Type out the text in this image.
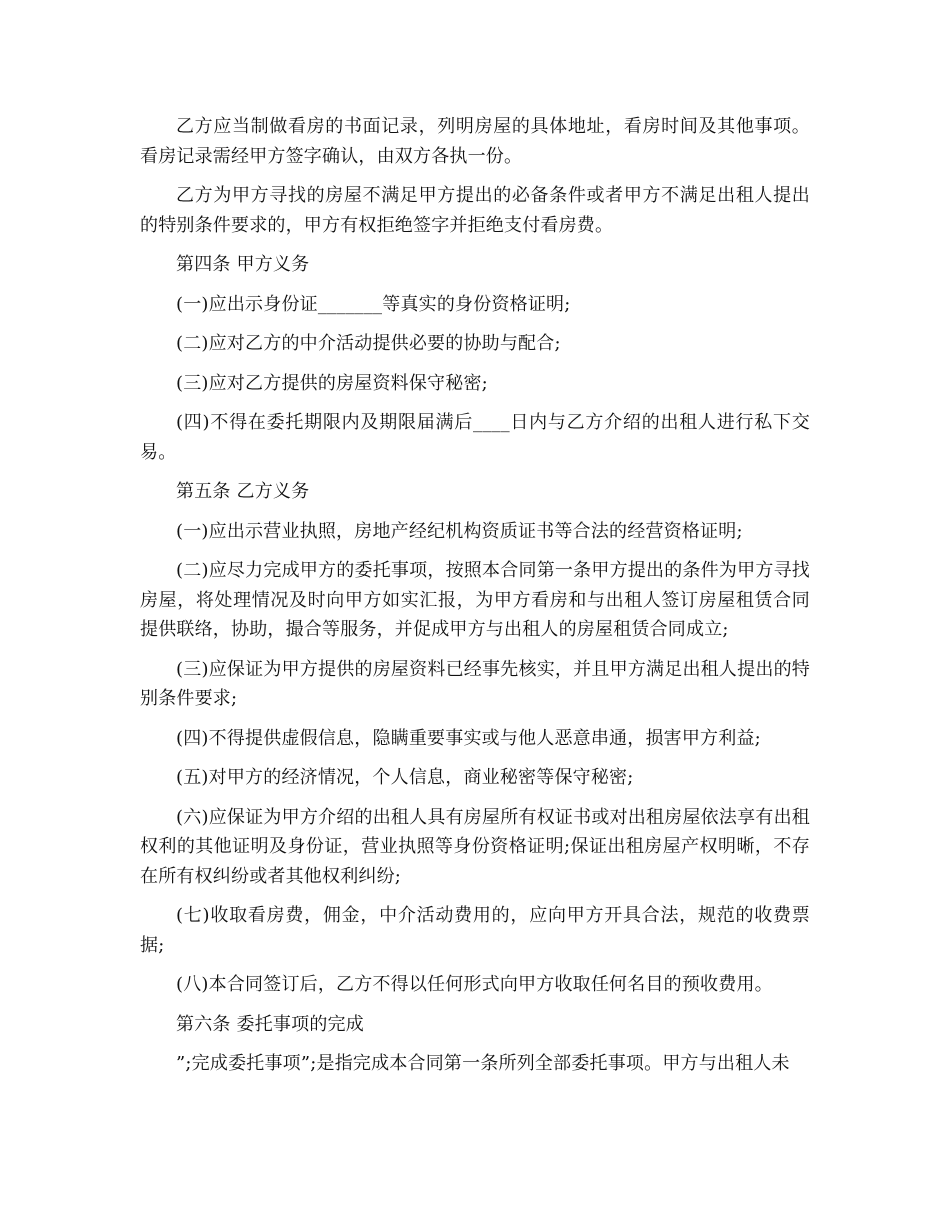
乙方应当制做看房的书面记录，列明房屋的具体地址，看房时间及其他事项。看房记录需经甲方签字确认，由双方各执一份。

乙方为甲方寻找的房屋不满足甲方提出的必备条件或者甲方不满足出租人提出的特别条件要求的，甲方有权拒绝签字并拒绝支付看房费。

第四条 甲方义务

(一)应出示身份证_______等真实的身份资格证明;

(二)应对乙方的中介活动提供必要的协助与配合;

(三)应对乙方提供的房屋资料保守秘密;

(四)不得在委托期限内及期限届满后____日内与乙方介绍的出租人进行私下交易。

第五条 乙方义务

(一)应出示营业执照，房地产经纪机构资质证书等合法的经营资格证明;

(二)应尽力完成甲方的委托事项，按照本合同第一条甲方提出的条件为甲方寻找房屋，将处理情况及时向甲方如实汇报，为甲方看房和与出租人签订房屋租赁合同提供联络，协助，撮合等服务，并促成甲方与出租人的房屋租赁合同成立;

(三)应保证为甲方提供的房屋资料已经事先核实，并且甲方满足出租人提出的特别条件要求;

(四)不得提供虚假信息，隐瞒重要事实或与他人恶意串通，损害甲方利益;

(五)对甲方的经济情况，个人信息，商业秘密等保守秘密;

(六)应保证为甲方介绍的出租人具有房屋所有权证书或对出租房屋依法享有出租权利的其他证明及身份证，营业执照等身份资格证明;保证出租房屋产权明晰，不存在所有权纠纷或者其他权利纠纷;

(七)收取看房费，佣金，中介活动费用的，应向甲方开具合法，规范的收费票据;

(八)本合同签订后，乙方不得以任何形式向甲方收取任何名目的预收费用。

第六条 委托事项的完成

”;完成委托事项”;是指完成本合同第一条所列全部委托事项。甲方与出租人未
